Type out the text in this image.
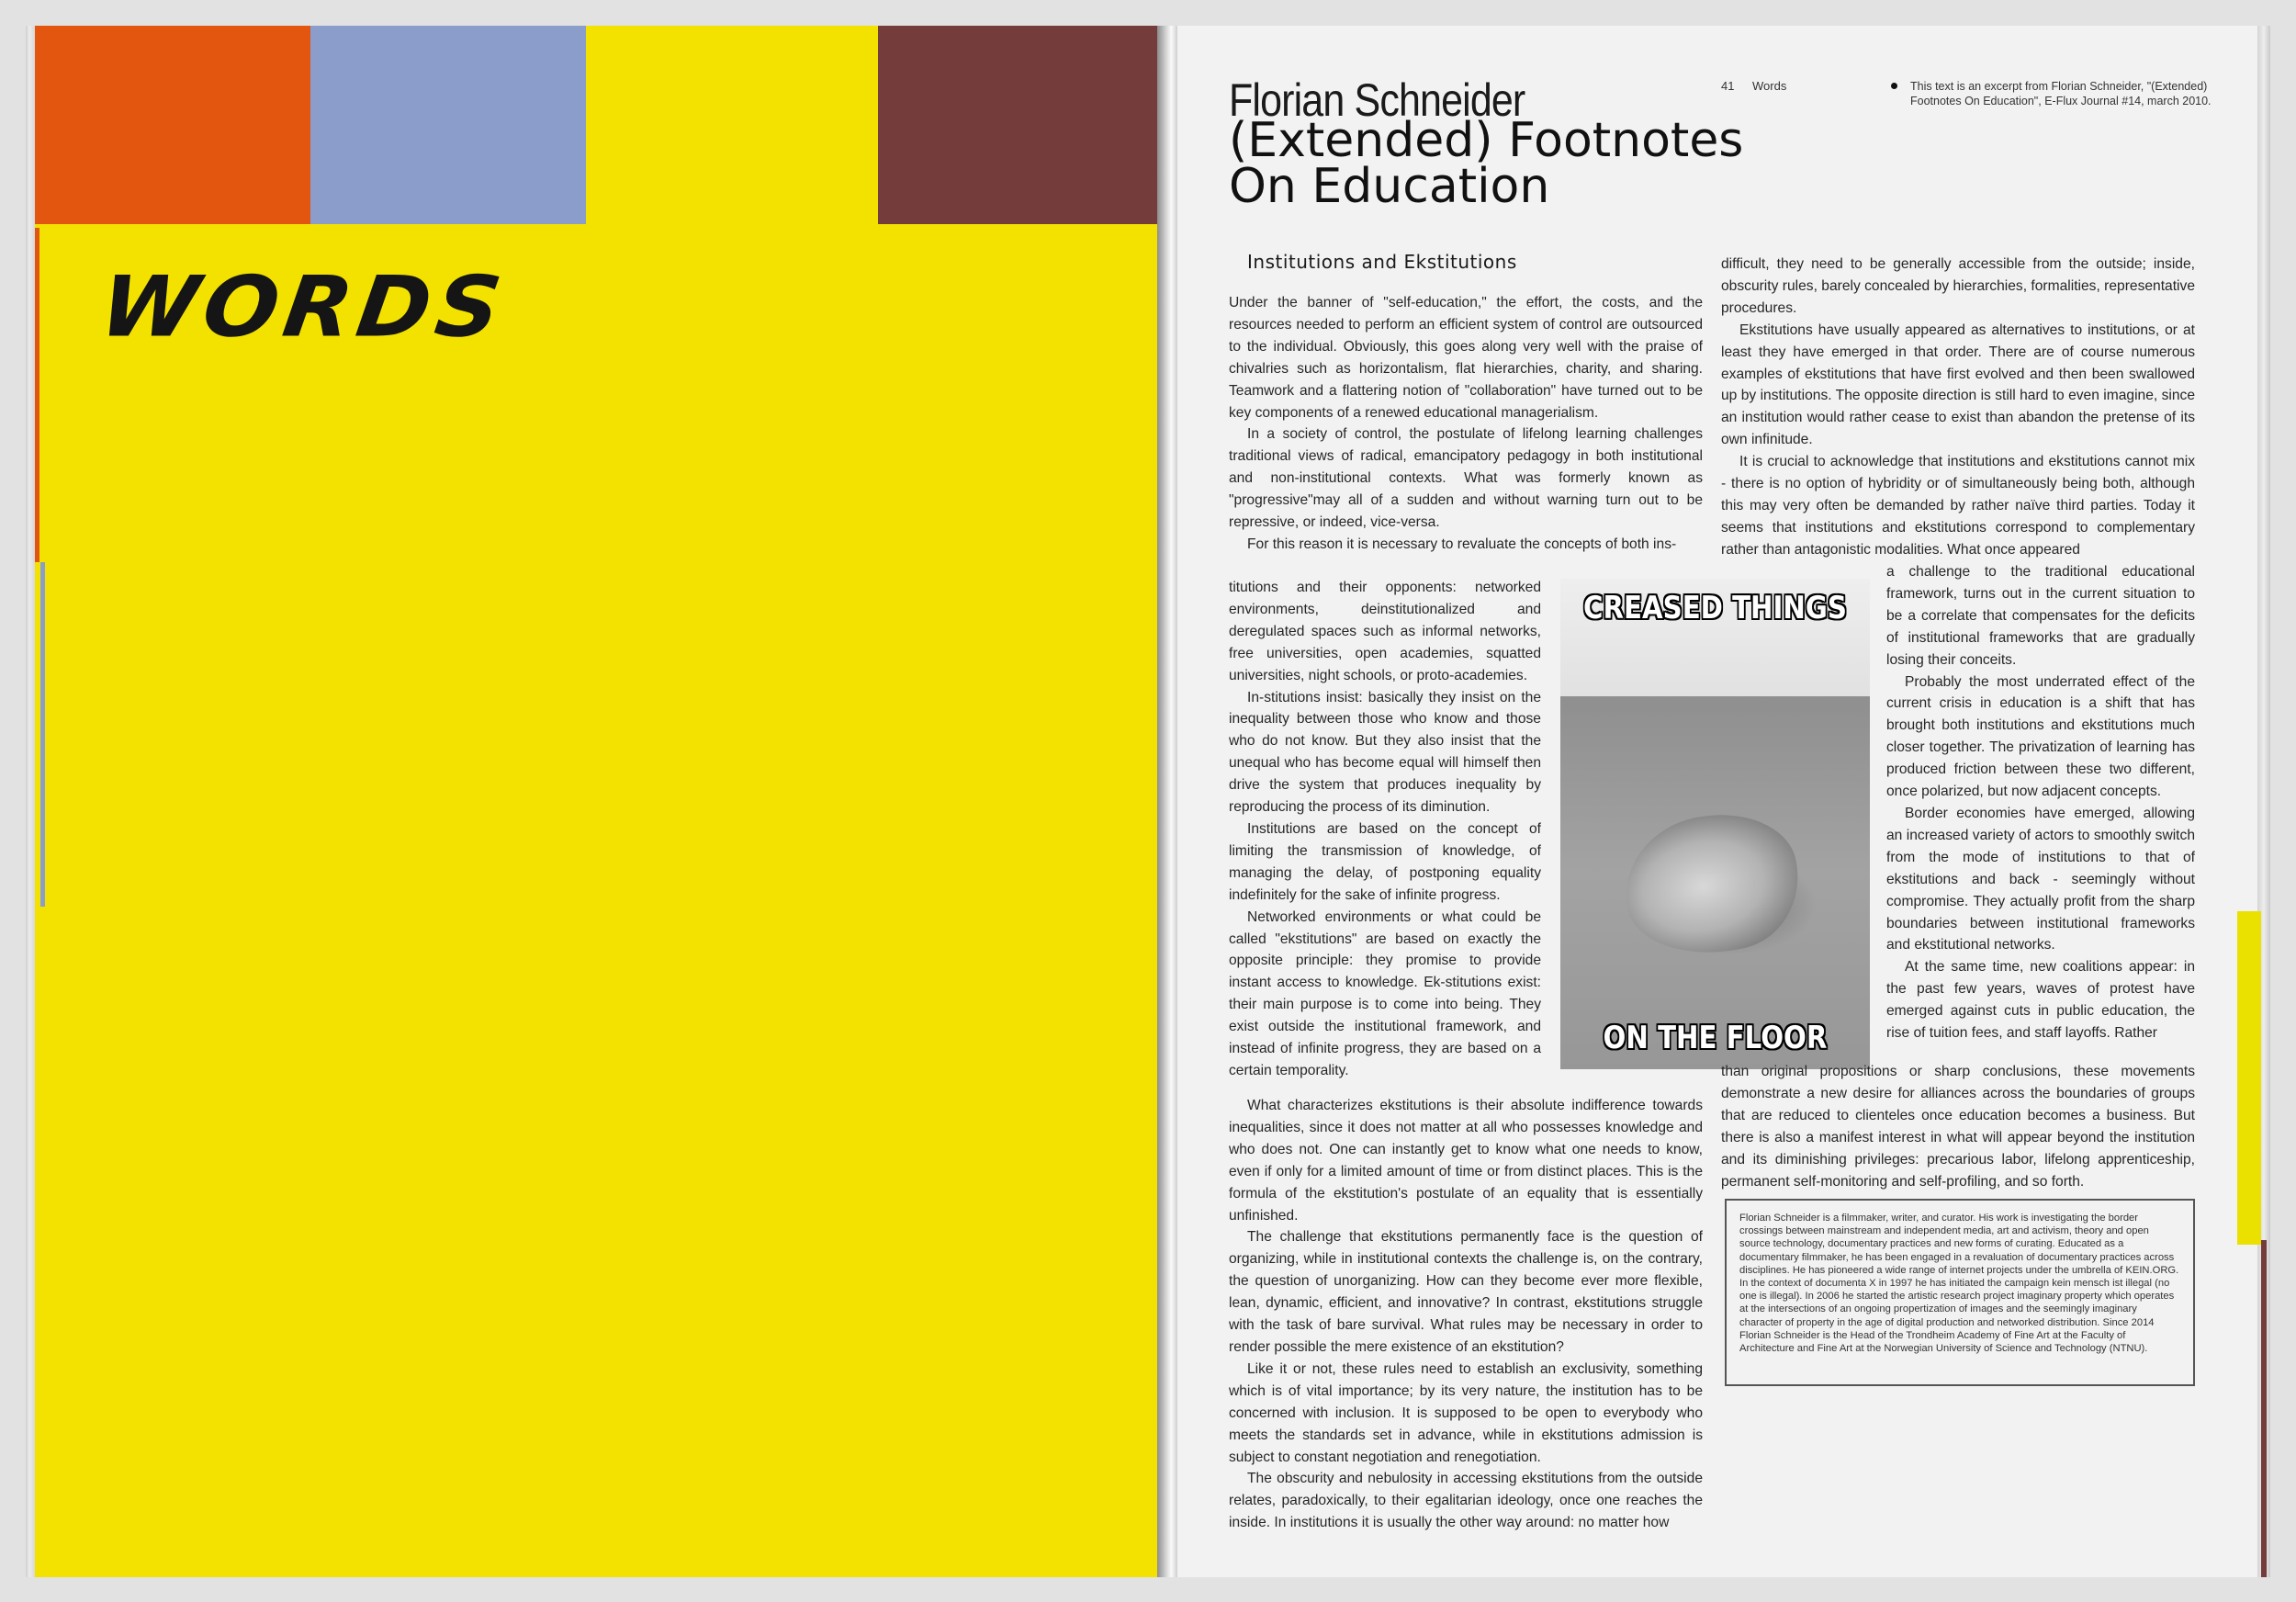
WORDS
Florian Schneider
(Extended) Footnotes
On Education
41 Words	This text is an excerpt from Florian Schneider, "(Extended) Footnotes On Education", E-Flux Journal #14, march 2010.
Institutions and Ekstitutions

Under the banner of "self-education," the effort, the costs, and the resources needed to perform an efficient system of control are outsourced to the individual. Obviously, this goes along very well with the praise of chivalries such as horizontalism, flat hierarchies, charity, and sharing. Teamwork and a flattering notion of "collaboration" have turned out to be key components of a renewed educational managerialism.

In a society of control, the postulate of lifelong learning challenges traditional views of radical, emancipatory pedagogy in both institutional and non-institutional contexts. What was formerly known as "progressive"may all of a sudden and without warning turn out to be repressive, or indeed, vice-versa.

For this reason it is necessary to revaluate the concepts of both ins-

titutions and their opponents: networked environments, deinstitutionalized and deregulated spaces such as informal networks, free universities, open academies, squatted universities, night schools, or proto-academies.

In-stitutions insist: basically they insist on the inequality between those who know and those who do not know. But they also insist that the unequal who has become equal will himself then drive the system that produces inequality by reproducing the process of its diminution.

Institutions are based on the concept of limiting the transmission of knowledge, of managing the delay, of postponing equality indefinitely for the sake of infinite progress.

Networked environments or what could be called "ekstitutions" are based on exactly the opposite principle: they promise to provide instant access to knowledge. Ek-stitutions exist: their main purpose is to come into being. They exist outside the institutional framework, and instead of infinite progress, they are based on a certain temporality.

What characterizes ekstitutions is their absolute indifference towards inequalities, since it does not matter at all who possesses knowledge and who does not. One can instantly get to know what one needs to know, even if only for a limited amount of time or from distinct places. This is the formula of the ekstitution's postulate of an equality that is essentially unfinished.

The challenge that ekstitutions permanently face is the question of organizing, while in institutional contexts the challenge is, on the contrary, the question of unorganizing. How can they become ever more flexible, lean, dynamic, efficient, and innovative? In contrast, ekstitutions struggle with the task of bare survival. What rules may be necessary in order to render possible the mere existence of an ekstitution?

Like it or not, these rules need to establish an exclusivity, something which is of vital importance; by its very nature, the institution has to be concerned with inclusion. It is supposed to be open to everybody who meets the standards set in advance, while in ekstitutions admission is subject to constant negotiation and renegotiation.

The obscurity and nebulosity in accessing ekstitutions from the outside relates, paradoxically, to their egalitarian ideology, once one reaches the inside. In institutions it is usually the other way around: no matter how

CREASED THINGS
ON THE FLOOR

difficult, they need to be generally accessible from the outside; inside, obscurity rules, barely concealed by hierarchies, formalities, representative procedures.

Ekstitutions have usually appeared as alternatives to institutions, or at least they have emerged in that order. There are of course numerous examples of ekstitutions that have first evolved and then been swallowed up by institutions. The opposite direction is still hard to even imagine, since an institution would rather cease to exist than abandon the pretense of its own infinitude.

It is crucial to acknowledge that institutions and ekstitutions cannot mix - there is no option of hybridity or of simultaneously being both, although this may very often be demanded by rather naïve third parties. Today it seems that institutions and ekstitutions correspond to complementary rather than antagonistic modalities. What once appeared

a challenge to the traditional educational framework, turns out in the current situation to be a correlate that compensates for the deficits of institutional frameworks that are gradually losing their conceits.

Probably the most underrated effect of the current crisis in education is a shift that has brought both institutions and ekstitutions much closer together. The privatization of learning has produced friction between these two different, once polarized, but now adjacent concepts.

Border economies have emerged, allowing an increased variety of actors to smoothly switch from the mode of institutions to that of ekstitutions and back - seemingly without compromise. They actually profit from the sharp boundaries between institutional frameworks and ekstitutional networks.

At the same time, new coalitions appear: in the past few years, waves of protest have emerged against cuts in public education, the rise of tuition fees, and staff layoffs. Rather

than original propositions or sharp conclusions, these movements demonstrate a new desire for alliances across the boundaries of groups that are reduced to clienteles once education becomes a business. But there is also a manifest interest in what will appear beyond the institution and its diminishing privileges: precarious labor, lifelong apprenticeship, permanent self-monitoring and self-profiling, and so forth.

Florian Schneider is a filmmaker, writer, and curator. His work is investigating the border crossings between mainstream and independent media, art and activism, theory and open source technology, documentary practices and new forms of curating. Educated as a documentary filmmaker, he has been engaged in a revaluation of documentary practices across disciplines. He has pioneered a wide range of internet projects under the umbrella of KEIN.ORG. In the context of documenta X in 1997 he has initiated the campaign kein mensch ist illegal (no one is illegal). In 2006 he started the artistic research project imaginary property which operates at the intersections of an ongoing propertization of images and the seemingly imaginary character of property in the age of digital production and networked distribution. Since 2014 Florian Schneider is the Head of the Trondheim Academy of Fine Art at the Faculty of Architecture and Fine Art at the Norwegian University of Science and Technology (NTNU).
